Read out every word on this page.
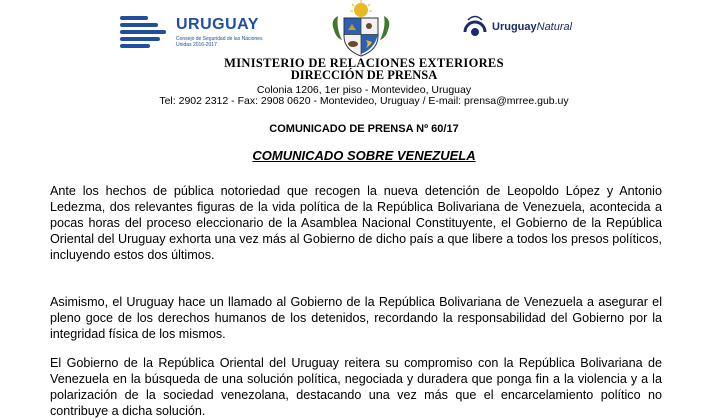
URUGUAY
Consejo de Seguridad de las Naciones Unidas 2016-2017
UruguayNatural
MINISTERIO DE RELACIONES EXTERIORES
DIRECCIÓN DE PRENSA
Colonia 1206, 1er piso - Montevideo, Uruguay
Tel: 2902 2312 - Fax: 2908 0620 - Montevideo, Uruguay / E-mail: prensa@mrree.gub.uy
COMUNICADO DE PRENSA Nº 60/17
COMUNICADO SOBRE VENEZUELA
Ante los hechos de pública notoriedad que recogen la nueva detención de Leopoldo López y Antonio Ledezma, dos relevantes figuras de la vida política de la República Bolivariana de Venezuela, acontecida a pocas horas del proceso eleccionario de la Asamblea Nacional Constituyente, el Gobierno de la República Oriental del Uruguay exhorta una vez más al Gobierno de dicho país a que libere a todos los presos políticos, incluyendo estos dos últimos.
Asimismo, el Uruguay hace un llamado al Gobierno de la República Bolivariana de Venezuela a asegurar el pleno goce de los derechos humanos de los detenidos, recordando la responsabilidad del Gobierno por la integridad física de los mismos.
El Gobierno de la República Oriental del Uruguay reitera su compromiso con la República Bolivariana de Venezuela en la búsqueda de una solución política, negociada y duradera que ponga fin a la violencia y a la polarización de la sociedad venezolana, destacando una vez más que el encarcelamiento político no contribuye a dicha solución.
